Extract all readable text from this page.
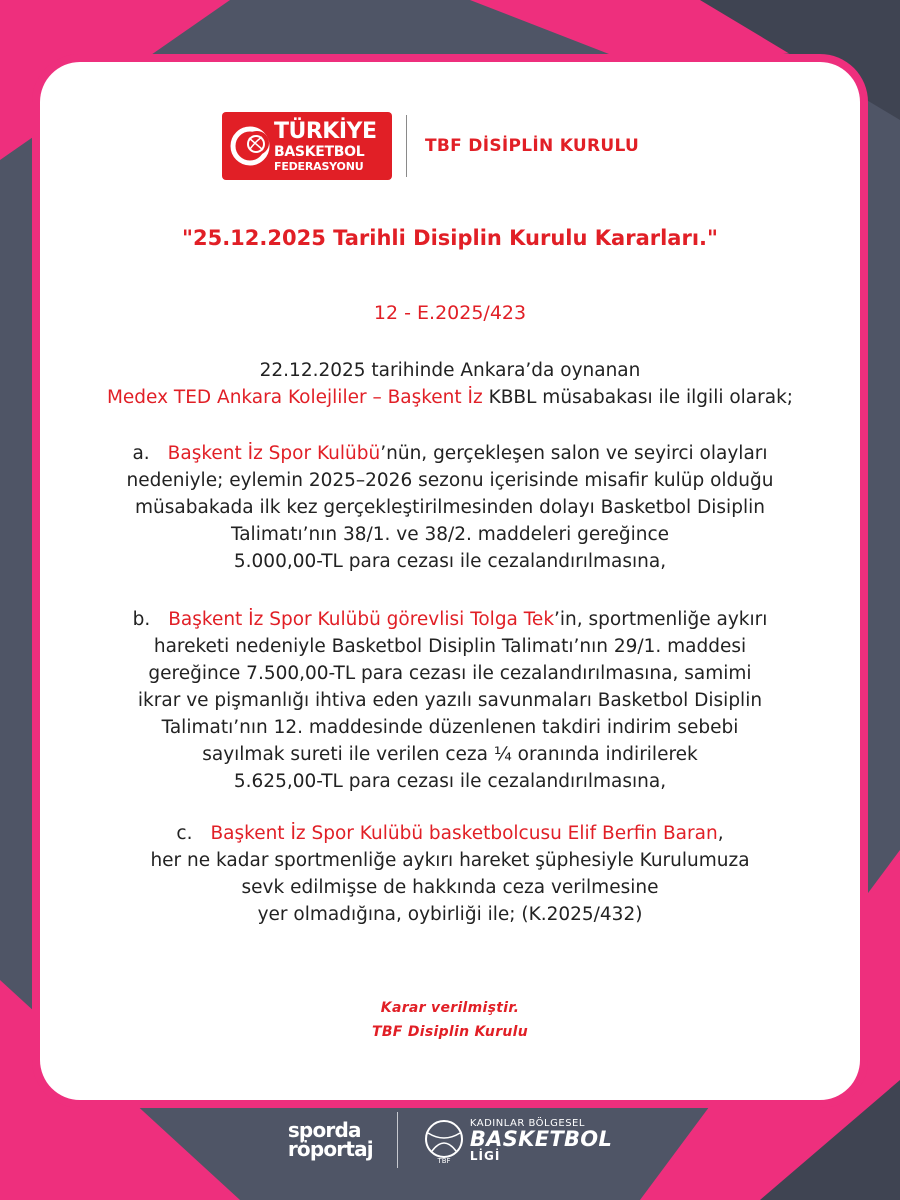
TÜRKİYE
BASKETBOL
FEDERASYONU
TBF DİSİPLİN KURULU
"25.12.2025 Tarihli Disiplin Kurulu Kararları."
12 - E.2025/423
22.12.2025 tarihinde Ankara’da oynanan
Medex TED Ankara Kolejliler – Başkent İz KBBL müsabakası ile ilgili olarak;
a. Başkent İz Spor Kulübü’nün, gerçekleşen salon ve seyirci olayları
nedeniyle; eylemin 2025–2026 sezonu içerisinde misafir kulüp olduğu
müsabakada ilk kez gerçekleştirilmesinden dolayı Basketbol Disiplin
Talimatı’nın 38/1. ve 38/2. maddeleri gereğince
5.000,00-TL para cezası ile cezalandırılmasına,
b. Başkent İz Spor Kulübü görevlisi Tolga Tek’in, sportmenliğe aykırı
hareketi nedeniyle Basketbol Disiplin Talimatı’nın 29/1. maddesi
gereğince 7.500,00-TL para cezası ile cezalandırılmasına, samimi
ikrar ve pişmanlığı ihtiva eden yazılı savunmaları Basketbol Disiplin
Talimatı’nın 12. maddesinde düzenlenen takdiri indirim sebebi
sayılmak sureti ile verilen ceza ¼ oranında indirilerek
5.625,00-TL para cezası ile cezalandırılmasına,
c. Başkent İz Spor Kulübü basketbolcusu Elif Berfin Baran,
her ne kadar sportmenliğe aykırı hareket şüphesiyle Kurulumuza
sevk edilmişse de hakkında ceza verilmesine
yer olmadığına, oybirliği ile; (K.2025/432)
Karar verilmiştir.
TBF Disiplin Kurulu
sporda
röportaj	TBF
KADINLAR BÖLGESEL
BASKETBOL
LİGİ
